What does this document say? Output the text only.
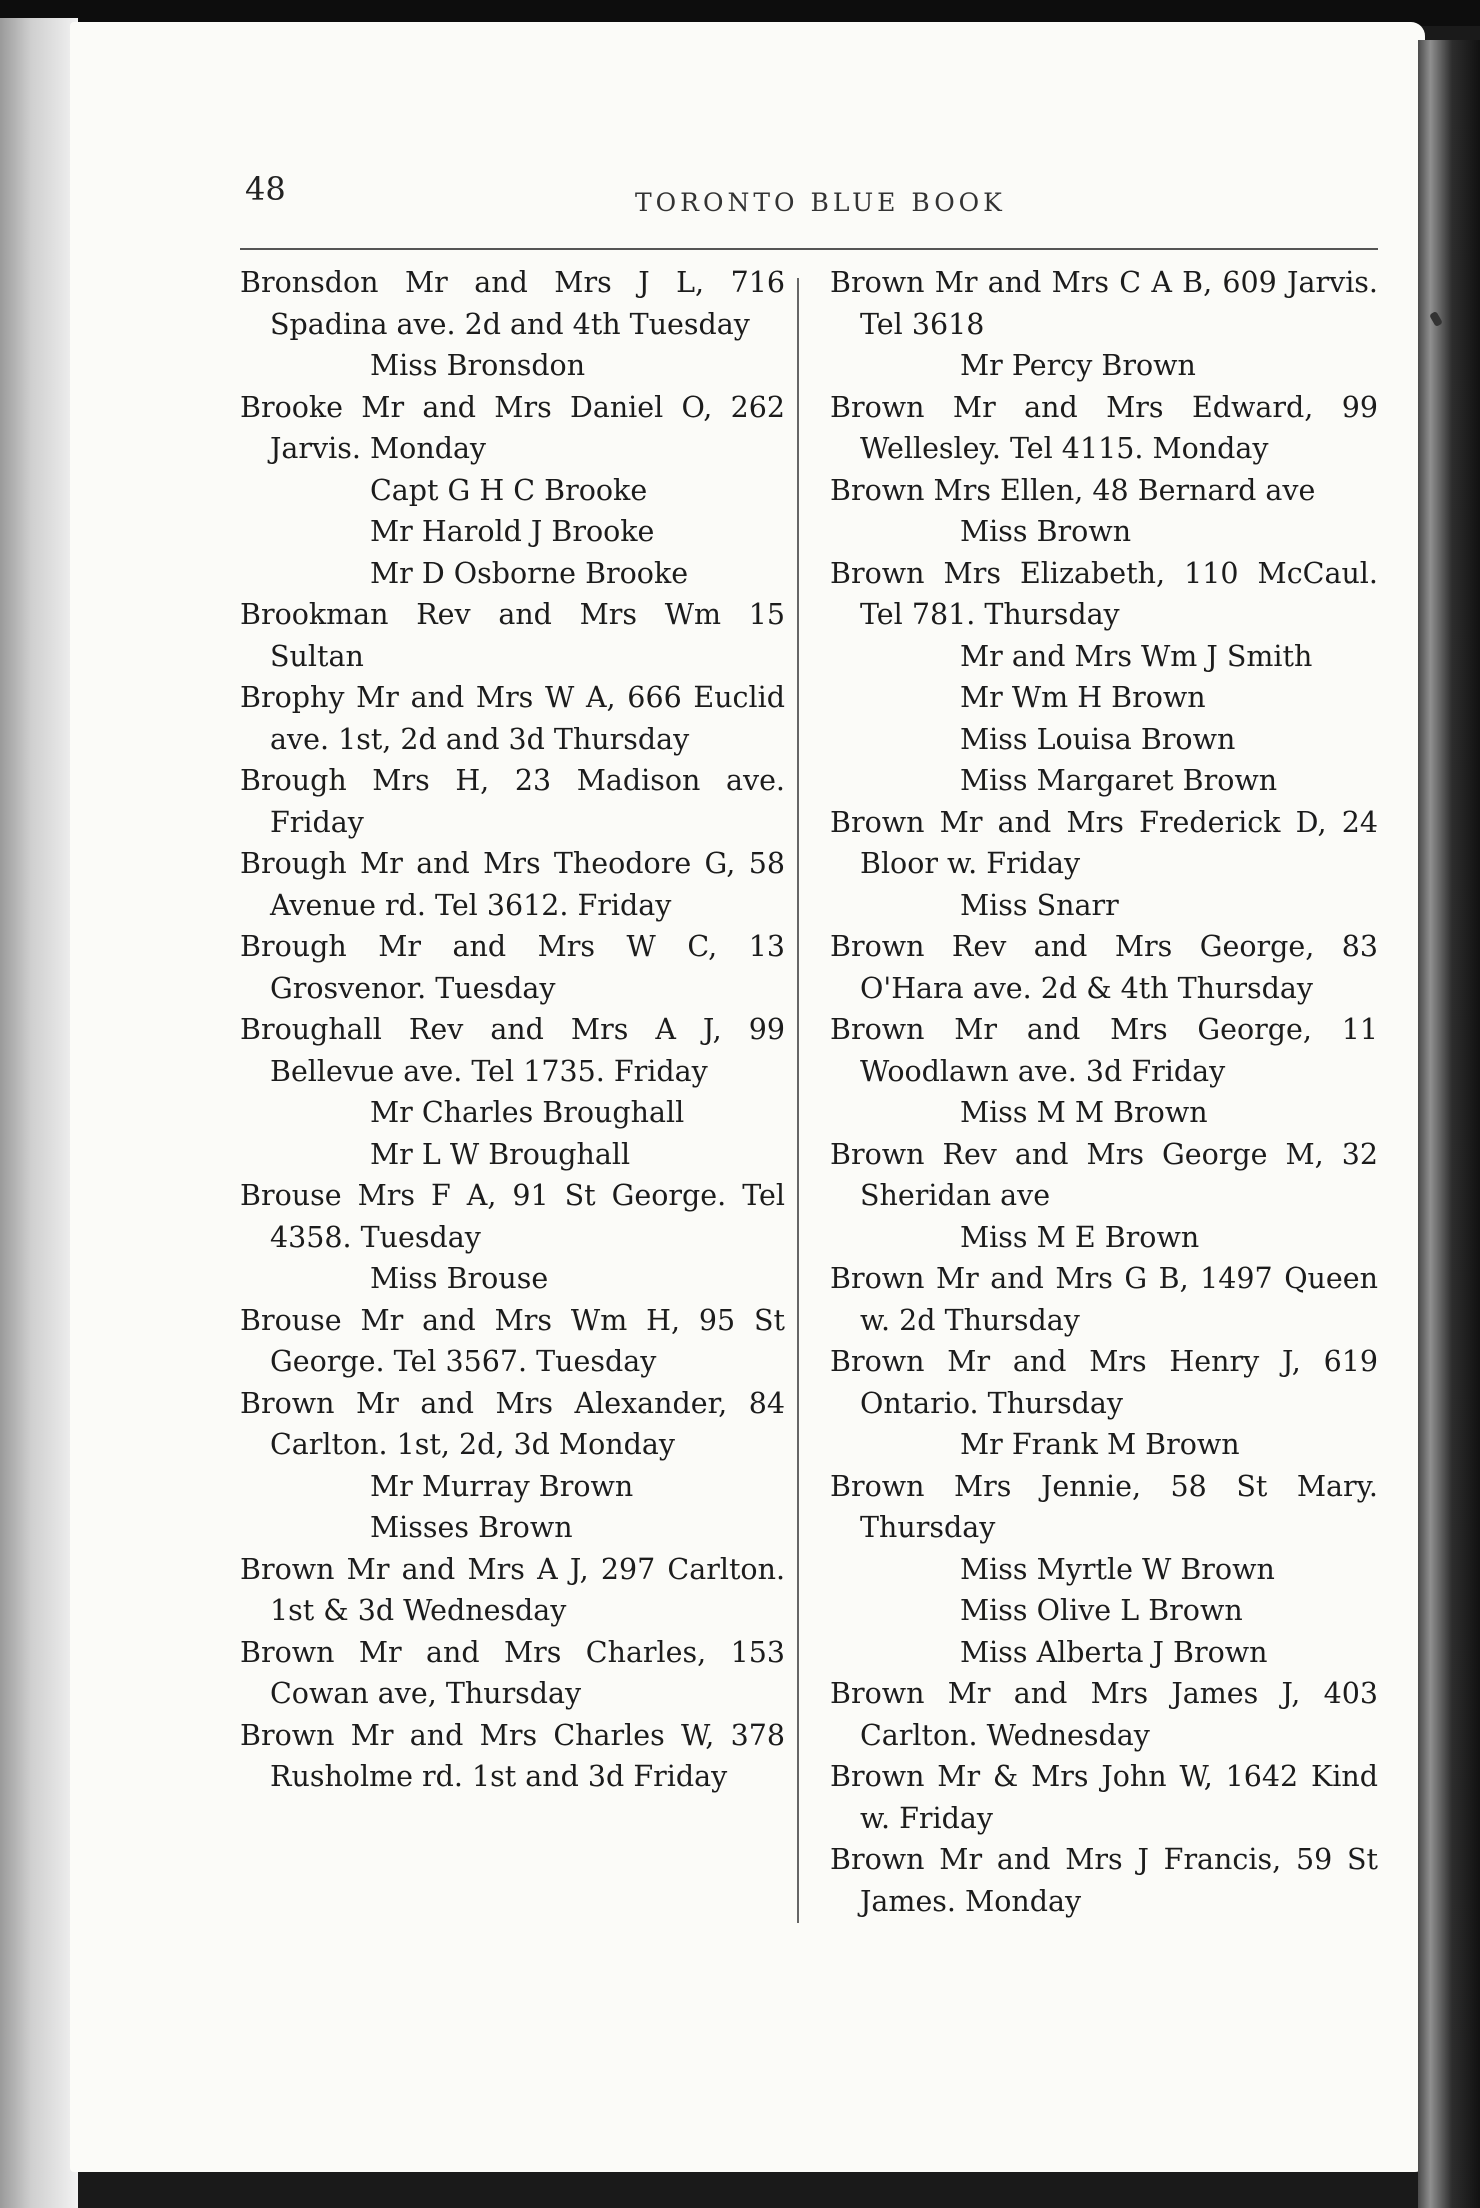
48	TORONTO BLUE BOOK
Bronsdon Mr and Mrs J L, 716 Spadina ave. 2d and 4th Tuesday
Miss Bronsdon
Brooke Mr and Mrs Daniel O, 262 Jarvis. Monday
Capt G H C Brooke
Mr Harold J Brooke
Mr D Osborne Brooke
Brookman Rev and Mrs Wm 15 Sultan
Brophy Mr and Mrs W A, 666 Euclid ave. 1st, 2d and 3d Thursday
Brough Mrs H, 23 Madison ave. Friday
Brough Mr and Mrs Theodore G, 58 Avenue rd. Tel 3612. Friday
Brough Mr and Mrs W C, 13 Grosvenor. Tuesday
Broughall Rev and Mrs A J, 99 Bellevue ave. Tel 1735. Friday
Mr Charles Broughall
Mr L W Broughall
Brouse Mrs F A, 91 St George. Tel 4358. Tuesday
Miss Brouse
Brouse Mr and Mrs Wm H, 95 St George. Tel 3567. Tuesday
Brown Mr and Mrs Alexander, 84 Carlton. 1st, 2d, 3d Monday
Mr Murray Brown
Misses Brown
Brown Mr and Mrs A J, 297 Carlton. 1st & 3d Wednesday
Brown Mr and Mrs Charles, 153 Cowan ave, Thursday
Brown Mr and Mrs Charles W, 378 Rusholme rd. 1st and 3d Friday
Brown Mr and Mrs C A B, 609 Jarvis. Tel 3618
Mr Percy Brown
Brown Mr and Mrs Edward, 99 Wellesley. Tel 4115. Monday
Brown Mrs Ellen, 48 Bernard ave
Miss Brown
Brown Mrs Elizabeth, 110 McCaul. Tel 781. Thursday
Mr and Mrs Wm J Smith
Mr Wm H Brown
Miss Louisa Brown
Miss Margaret Brown
Brown Mr and Mrs Frederick D, 24 Bloor w. Friday
Miss Snarr
Brown Rev and Mrs George, 83 O'Hara ave. 2d & 4th Thursday
Brown Mr and Mrs George, 11 Woodlawn ave. 3d Friday
Miss M M Brown
Brown Rev and Mrs George M, 32 Sheridan ave
Miss M E Brown
Brown Mr and Mrs G B, 1497 Queen w. 2d Thursday
Brown Mr and Mrs Henry J, 619 Ontario. Thursday
Mr Frank M Brown
Brown Mrs Jennie, 58 St Mary. Thursday
Miss Myrtle W Brown
Miss Olive L Brown
Miss Alberta J Brown
Brown Mr and Mrs James J, 403 Carlton. Wednesday
Brown Mr & Mrs John W, 1642 Kind w. Friday
Brown Mr and Mrs J Francis, 59 St James. Monday
